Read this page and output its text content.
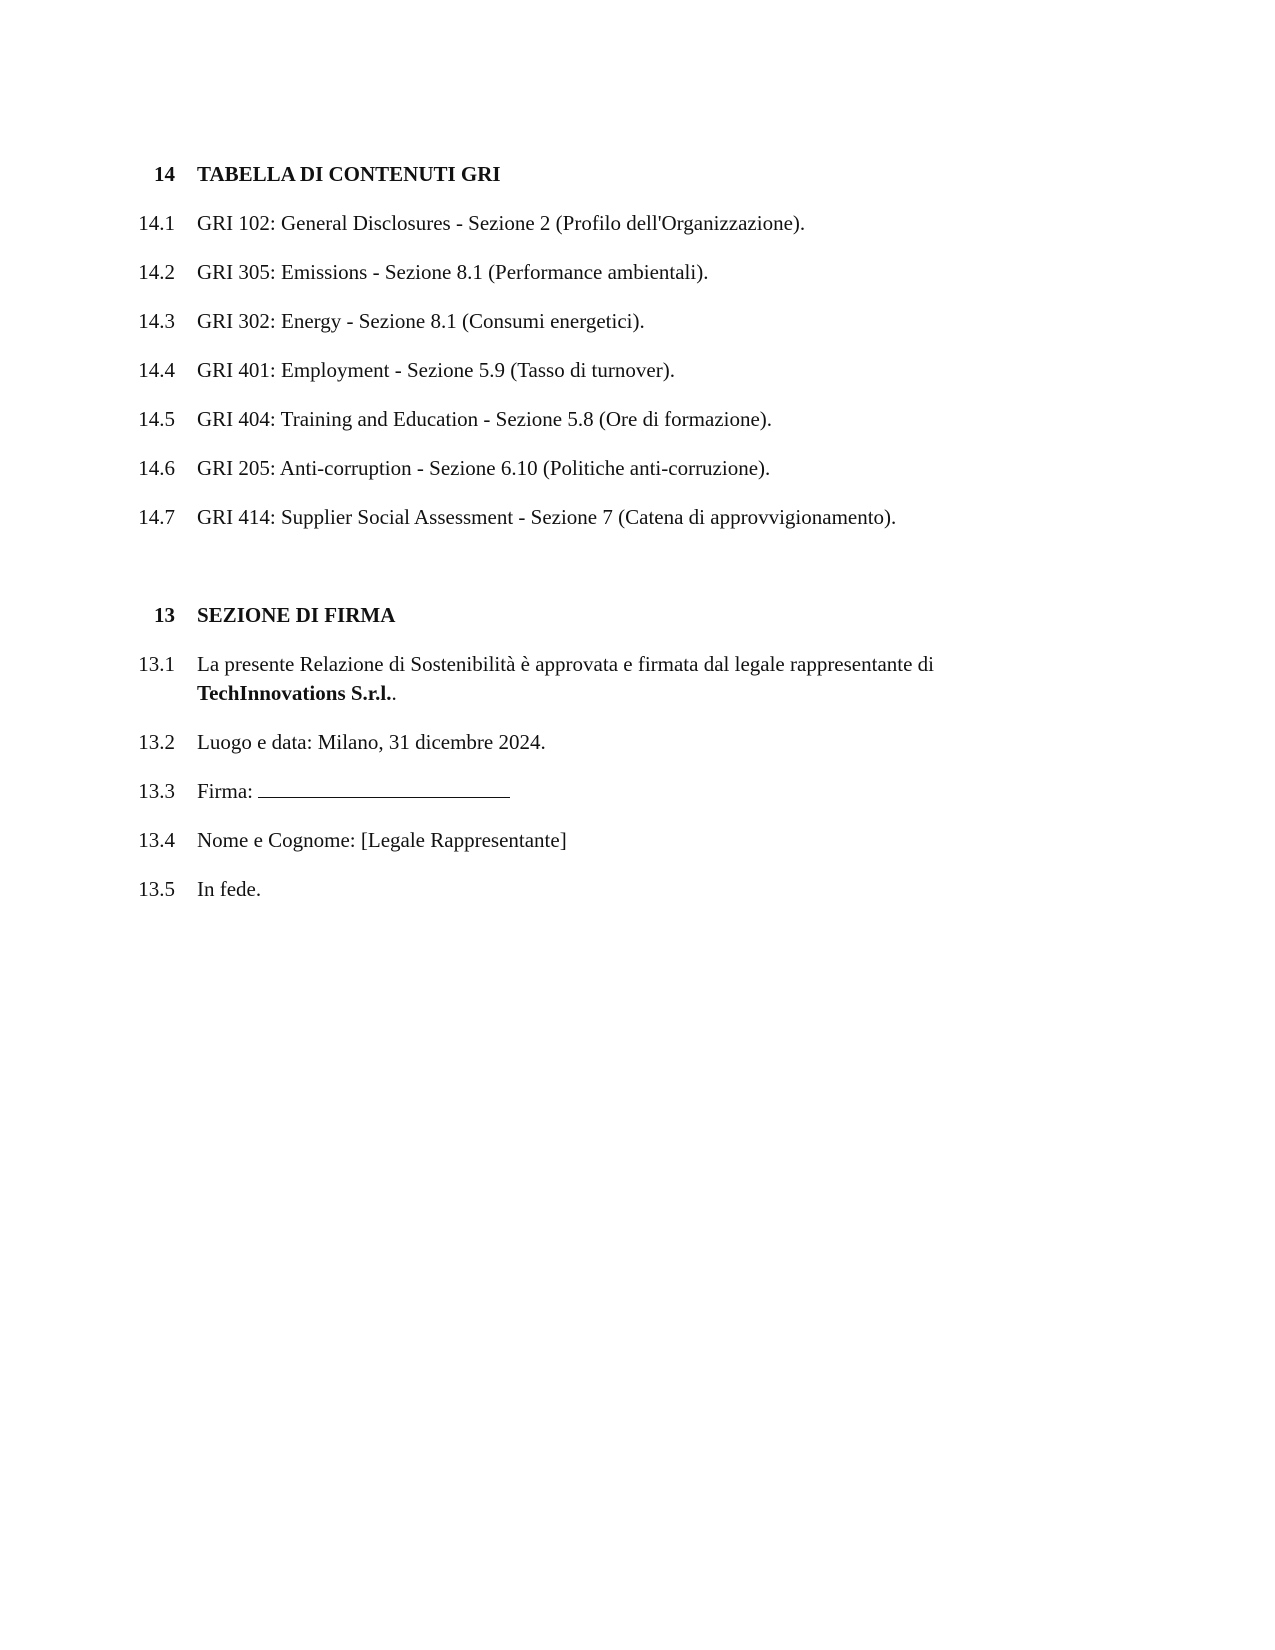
14 TABELLA DI CONTENUTI GRI
14.1 GRI 102: General Disclosures - Sezione 2 (Profilo dell'Organizzazione).
14.2 GRI 305: Emissions - Sezione 8.1 (Performance ambientali).
14.3 GRI 302: Energy - Sezione 8.1 (Consumi energetici).
14.4 GRI 401: Employment - Sezione 5.9 (Tasso di turnover).
14.5 GRI 404: Training and Education - Sezione 5.8 (Ore di formazione).
14.6 GRI 205: Anti-corruption - Sezione 6.10 (Politiche anti-corruzione).
14.7 GRI 414: Supplier Social Assessment - Sezione 7 (Catena di approvvigionamento).
13 SEZIONE DI FIRMA
13.1 La presente Relazione di Sostenibilità è approvata e firmata dal legale rappresentante di
TechInnovations S.r.l..
13.2 Luogo e data: Milano, 31 dicembre 2024.
13.3 Firma:
13.4 Nome e Cognome: [Legale Rappresentante]
13.5 In fede.
